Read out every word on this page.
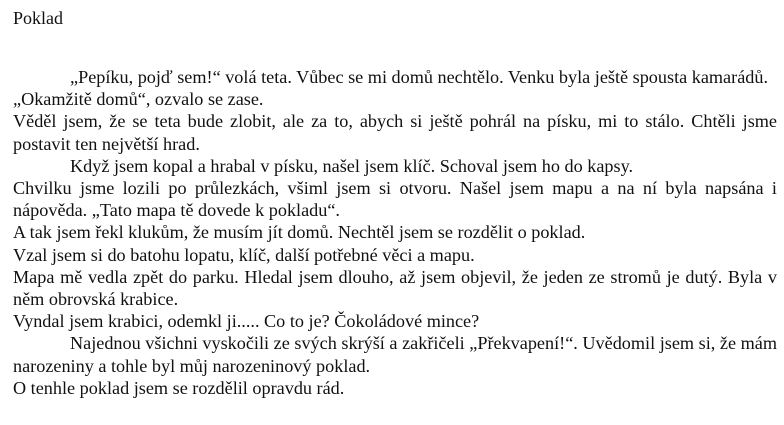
Poklad

„Pepíku, pojď sem!“ volá teta. Vůbec se mi domů nechtělo. Venku byla ještě spousta kamarádů.

„Okamžitě domů“, ozvalo se zase.

Věděl jsem, že se teta bude zlobit, ale za to, abych si ještě pohrál na písku, mi to stálo. Chtěli jsme postavit ten největší hrad.

Když jsem kopal a hrabal v písku, našel jsem klíč. Schoval jsem ho do kapsy.

Chvilku jsme lozili po průlezkách, všiml jsem si otvoru. Našel jsem mapu a na ní byla napsána i nápověda. „Tato mapa tě dovede k pokladu“.

A tak jsem řekl klukům, že musím jít domů. Nechtěl jsem se rozdělit o poklad.

Vzal jsem si do batohu lopatu, klíč, další potřebné věci a mapu.

Mapa mě vedla zpět do parku. Hledal jsem dlouho, až jsem objevil, že jeden ze stromů je dutý. Byla v něm obrovská krabice.

Vyndal jsem krabici, odemkl ji..... Co to je? Čokoládové mince?

Najednou všichni vyskočili ze svých skrýší a zakřičeli „Překvapení!“. Uvědomil jsem si, že mám narozeniny a tohle byl můj narozeninový poklad.

O tenhle poklad jsem se rozdělil opravdu rád.
